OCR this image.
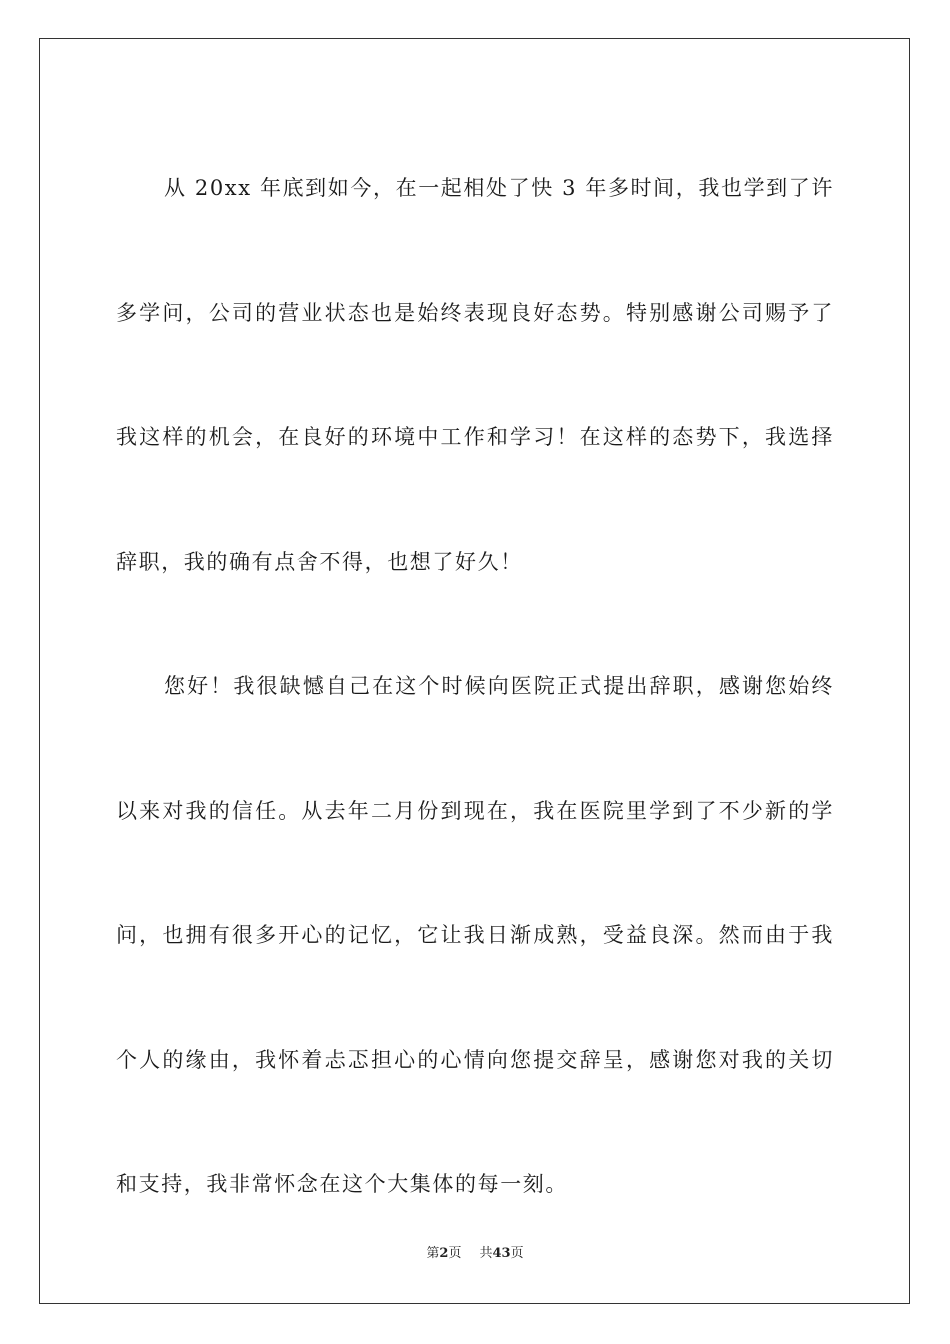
从 20xx 年底到如今，在一起相处了快 3 年多时间，我也学到了许多学问，公司的营业状态也是始终表现良好态势。特别感谢公司赐予了我这样的机会，在良好的环境中工作和学习！在这样的态势下，我选择辞职，我的确有点舍不得，也想了好久！

您好！我很缺憾自己在这个时候向医院正式提出辞职，感谢您始终以来对我的信任。从去年二月份到现在，我在医院里学到了不少新的学问，也拥有很多开心的记忆，它让我日渐成熟，受益良深。然而由于我个人的缘由，我怀着忐忑担心的心情向您提交辞呈，感谢您对我的关切和支持，我非常怀念在这个大集体的每一刻。

第2页 共43页
